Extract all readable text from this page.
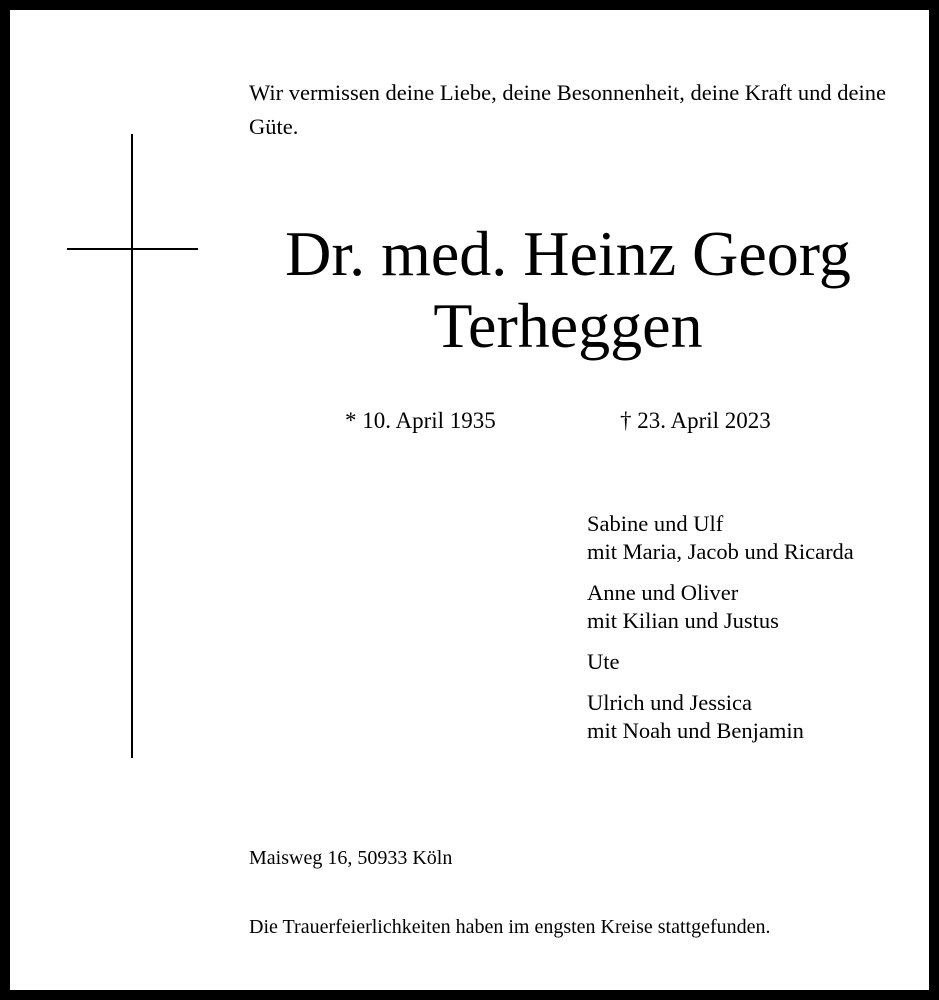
Wir vermissen deine Liebe, deine Besonnenheit, deine Kraft und deine Güte.
Dr. med. Heinz Georg
Terheggen
* 10. April 1935	† 23. April 2023
Sabine und Ulf
mit Maria, Jacob und Ricarda
Anne und Oliver
mit Kilian und Justus
Ute
Ulrich und Jessica
mit Noah und Benjamin
Maisweg 16, 50933 Köln
Die Trauerfeierlichkeiten haben im engsten Kreise stattgefunden.
